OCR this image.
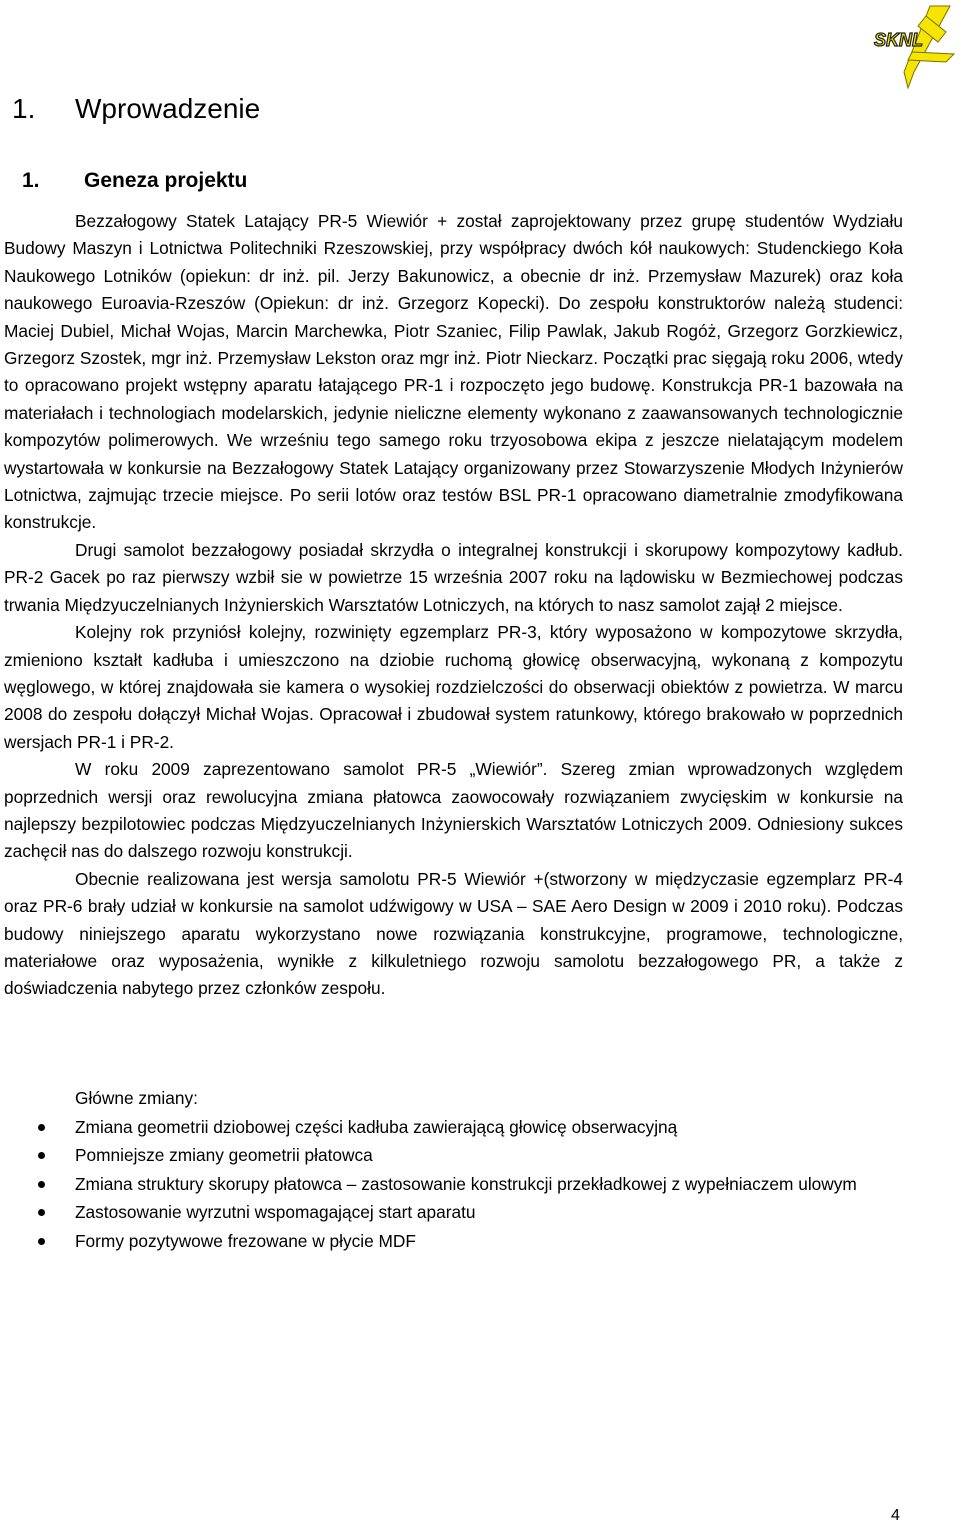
SKNL
1. Wprowadzenie
1. Geneza projektu

Bezzałogowy Statek Latający PR-5 Wiewiór + został zaprojektowany przez grupę studentów Wydziału Budowy Maszyn i Lotnictwa Politechniki Rzeszowskiej, przy współpracy dwóch kół naukowych: Studenckiego Koła Naukowego Lotników (opiekun: dr inż. pil. Jerzy Bakunowicz, a obecnie dr inż. Przemysław Mazurek) oraz koła naukowego Euroavia-Rzeszów (Opiekun: dr inż. Grzegorz Kopecki). Do zespołu konstruktorów należą studenci: Maciej Dubiel, Michał Wojas, Marcin Marchewka, Piotr Szaniec, Filip Pawlak, Jakub Rogóż, Grzegorz Gorzkiewicz, Grzegorz Szostek, mgr inż. Przemysław Lekston oraz mgr inż. Piotr Nieckarz. Początki prac sięgają roku 2006, wtedy to opracowano projekt wstępny aparatu łatającego PR-1 i rozpoczęto jego budowę. Konstrukcja PR-1 bazowała na materiałach i technologiach modelarskich, jedynie nieliczne elementy wykonano z zaawansowanych technologicznie kompozytów polimerowych. We wrześniu tego samego roku trzyosobowa ekipa z jeszcze nielatającym modelem wystartowała w konkursie na Bezzałogowy Statek Latający organizowany przez Stowarzyszenie Młodych Inżynierów Lotnictwa, zajmując trzecie miejsce. Po serii lotów oraz testów BSL PR-1 opracowano diametralnie zmodyfikowana konstrukcje.

Drugi samolot bezzałogowy posiadał skrzydła o integralnej konstrukcji i skorupowy kompozytowy kadłub. PR-2 Gacek po raz pierwszy wzbił sie w powietrze 15 września 2007 roku na lądowisku w Bezmiechowej podczas trwania Międzyuczelnianych Inżynierskich Warsztatów Lotniczych, na których to nasz samolot zajął 2 miejsce.

Kolejny rok przyniósł kolejny, rozwinięty egzemplarz PR-3, który wyposażono w kompozytowe skrzydła, zmieniono kształt kadłuba i umieszczono na dziobie ruchomą głowicę obserwacyjną, wykonaną z kompozytu węglowego, w której znajdowała sie kamera o wysokiej rozdzielczości do obserwacji obiektów z powietrza. W marcu 2008 do zespołu dołączył Michał Wojas. Opracował i zbudował system ratunkowy, którego brakowało w poprzednich wersjach PR-1 i PR-2.

W roku 2009 zaprezentowano samolot PR-5 „Wiewiór”. Szereg zmian wprowadzonych względem poprzednich wersji oraz rewolucyjna zmiana płatowca zaowocowały rozwiązaniem zwycięskim w konkursie na najlepszy bezpilotowiec podczas Międzyuczelnianych Inżynierskich Warsztatów Lotniczych 2009. Odniesiony sukces zachęcił nas do dalszego rozwoju konstrukcji.

Obecnie realizowana jest wersja samolotu PR-5 Wiewiór +(stworzony w międzyczasie egzemplarz PR-4 oraz PR-6 brały udział w konkursie na samolot udźwigowy w USA – SAE Aero Design w 2009 i 2010 roku). Podczas budowy niniejszego aparatu wykorzystano nowe rozwiązania konstrukcyjne, programowe, technologiczne, materiałowe oraz wyposażenia, wynikłe z kilkuletniego rozwoju samolotu bezzałogowego PR, a także z doświadczenia nabytego przez członków zespołu.

Główne zmiany:

Zmiana geometrii dziobowej części kadłuba zawierającą głowicę obserwacyjną
Pomniejsze zmiany geometrii płatowca
Zmiana struktury skorupy płatowca – zastosowanie konstrukcji przekładkowej z wypełniaczem ulowym
Zastosowanie wyrzutni wspomagającej start aparatu
Formy pozytywowe frezowane w płycie MDF
4
